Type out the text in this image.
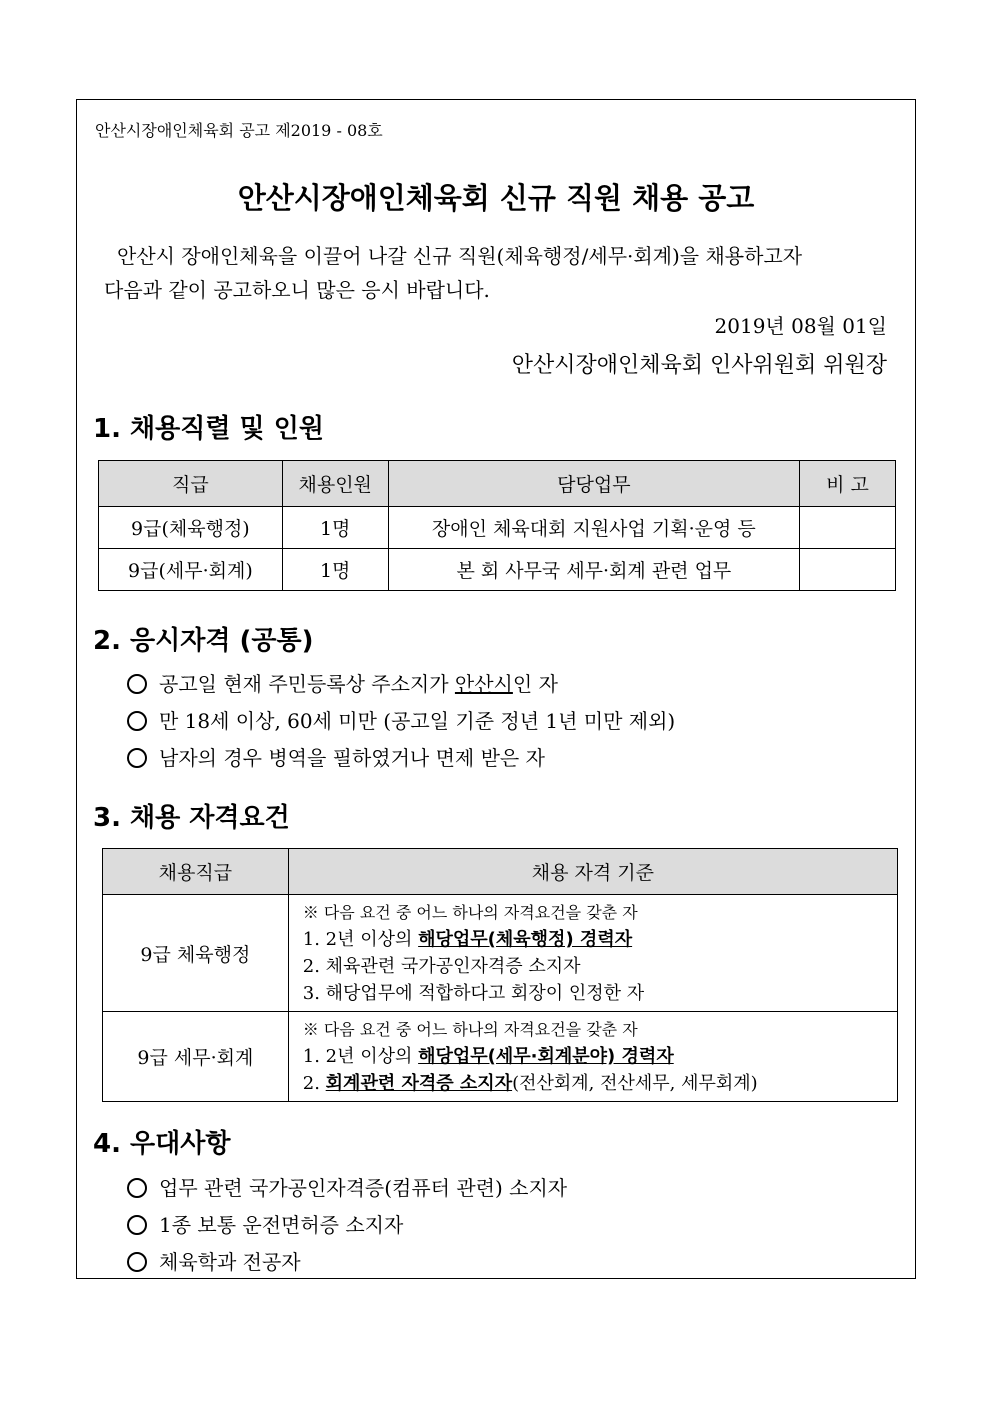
안산시장애인체육회 공고 제2019 - 08호
안산시장애인체육회 신규 직원 채용 공고
안산시 장애인체육을 이끌어 나갈 신규 직원(체육행정/세무·회계)을 채용하고자
다음과 같이 공고하오니 많은 응시 바랍니다.
2019년 08월 01일
안산시장애인체육회 인사위원회 위원장
1. 채용직렬 및 인원
직급	채용인원	담당업무	비 고
9급(체육행정)	1명	장애인 체육대회 지원사업 기획·운영 등	
9급(세무·회계)	1명	본 회 사무국 세무·회계 관련 업무	
2. 응시자격 (공통)
공고일 현재 주민등록상 주소지가 안산시인 자
만 18세 이상, 60세 미만 (공고일 기준 정년 1년 미만 제외)
남자의 경우 병역을 필하였거나 면제 받은 자
3. 채용 자격요건
채용직급	채용 자격 기준
9급 체육행정	※ 다음 요건 중 어느 하나의 자격요건을 갖춘 자
1. 2년 이상의 해당업무(체육행정) 경력자
2. 체육관련 국가공인자격증 소지자
3. 해당업무에 적합하다고 회장이 인정한 자

9급 세무·회계	※ 다음 요건 중 어느 하나의 자격요건을 갖춘 자
1. 2년 이상의 해당업무(세무·회계분야) 경력자
2. 회계관련 자격증 소지자(전산회계, 전산세무, 세무회계)
4. 우대사항
업무 관련 국가공인자격증(컴퓨터 관련) 소지자
1종 보통 운전면허증 소지자
체육학과 전공자
